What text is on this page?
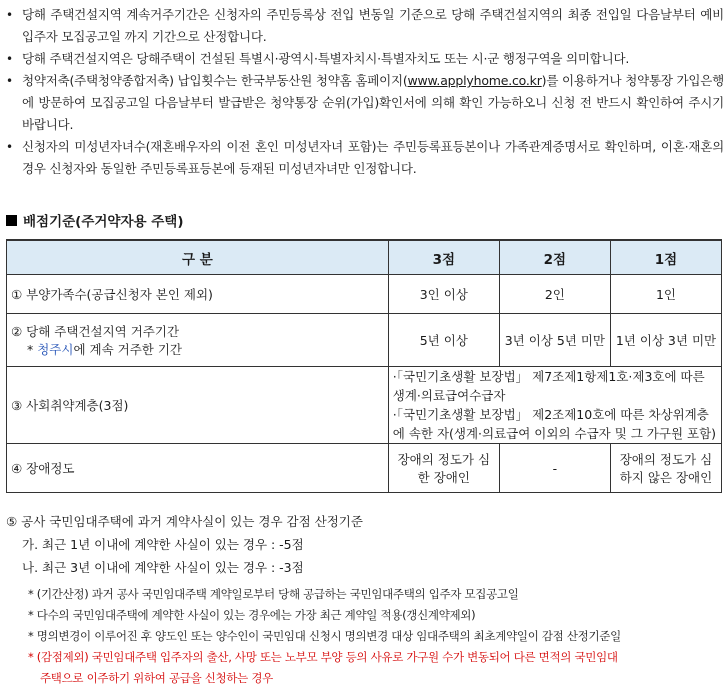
• 당해 주택건설지역 계속거주기간은 신청자의 주민등록상 전입 변동일 기준으로 당해 주택건설지역의 최종 전입일 다음날부터 예비입주자 모집공고일 까지 기간으로 산정합니다.
• 당해 주택건설지역은 당해주택이 건설된 특별시·광역시·특별자치시·특별자치도 또는 시·군 행정구역을 의미합니다.
• 청약저축(주택청약종합저축) 납입횟수는 한국부동산원 청약홈 홈페이지(www.applyhome.co.kr)를 이용하거나 청약통장 가입은행에 방문하여 모집공고일 다음날부터 발급받은 청약통장 순위(가입)확인서에 의해 확인 가능하오니 신청 전 반드시 확인하여 주시기 바랍니다.
• 신청자의 미성년자녀수(재혼배우자의 이전 혼인 미성년자녀 포함)는 주민등록표등본이나 가족관계증명서로 확인하며, 이혼·재혼의 경우 신청자와 동일한 주민등록표등본에 등재된 미성년자녀만 인정합니다.
배점기준(주거약자용 주택)
구 분	3점	2점	1점
① 부양가족수(공급신청자 본인 제외)	3인 이상	2인	1인
② 당해 주택건설지역 거주기간
* 청주시에 계속 거주한 기간	5년 이상	3년 이상 5년 미만	1년 이상 3년 미만
③ 사회취약계층(3점)	·「국민기초생활 보장법」 제7조제1항제1호·제3호에 따른 생계·의료급여수급자
·「국민기초생활 보장법」 제2조제10호에 따른 차상위계층에 속한 자(생계·의료급여 이외의 수급자 및 그 가구원 포함)		

④ 장애정도	장애의 정도가 심한 장애인	-	장애의 정도가 심하지 않은 장애인
⑤ 공사 국민임대주택에 과거 계약사실이 있는 경우 감점 산정기준
가. 최근 1년 이내에 계약한 사실이 있는 경우 : -5점
나. 최근 3년 이내에 계약한 사실이 있는 경우 : -3점
* (기간산정) 과거 공사 국민임대주택 계약일로부터 당해 공급하는 국민임대주택의 입주자 모집공고일
* 다수의 국민임대주택에 계약한 사실이 있는 경우에는 가장 최근 계약일 적용(갱신계약제외)
* 명의변경이 이루어진 후 양도인 또는 양수인이 국민임대 신청시 명의변경 대상 임대주택의 최초계약일이 감점 산정기준일
* (감점제외) 국민임대주택 입주자의 출산, 사망 또는 노부모 부양 등의 사유로 가구원 수가 변동되어 다른 면적의 국민임대
주택으로 이주하기 위하여 공급을 신청하는 경우
